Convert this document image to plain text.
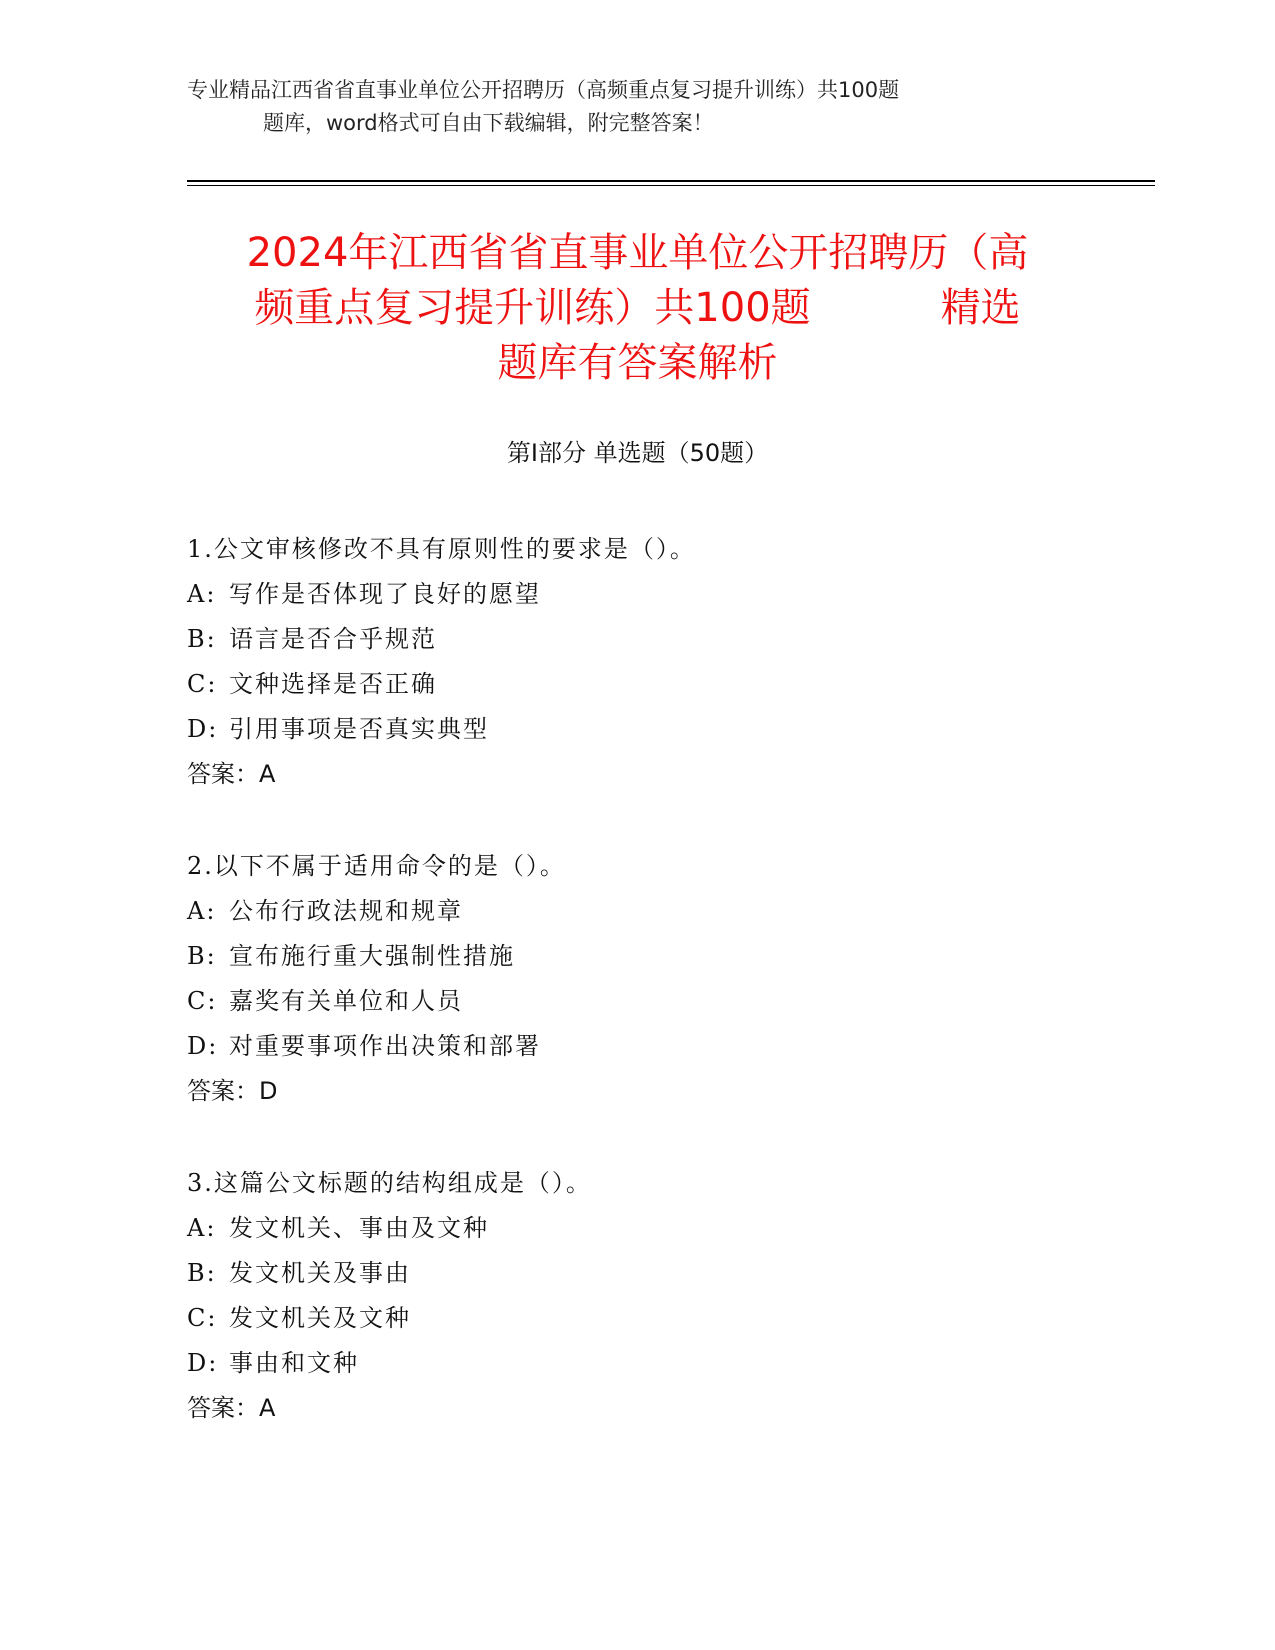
专业精品江西省省直事业单位公开招聘历（高频重点复习提升训练）共100题
题库，word格式可自由下载编辑，附完整答案！
2024年江西省省直事业单位公开招聘历（高
频重点复习提升训练）共100题	精选
题库有答案解析
第Ⅰ部分 单选题（50题）
1.公文审核修改不具有原则性的要求是（）。
A: 写作是否体现了良好的愿望
B: 语言是否合乎规范
C: 文种选择是否正确
D: 引用事项是否真实典型
答案：A
2.以下不属于适用命令的是（）。
A: 公布行政法规和规章
B: 宣布施行重大强制性措施
C: 嘉奖有关单位和人员
D: 对重要事项作出决策和部署
答案：D
3.这篇公文标题的结构组成是（）。
A: 发文机关、事由及文种
B: 发文机关及事由
C: 发文机关及文种
D: 事由和文种
答案：A
